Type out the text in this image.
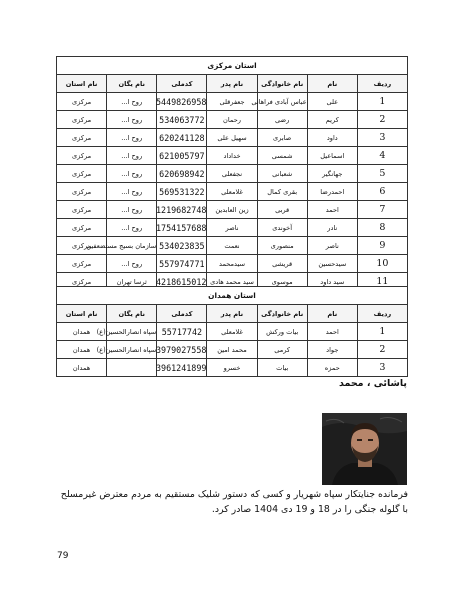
استان مرکزی						
ردیف	نام	نام خانوادگی	نام پدر	کدملی	نام یگان	نام استان
1	علی	عباس آبادی فراهانی	جعفرقلی	5449826958	روح ا...	مرکزی
2	کریم	رضی	رحمان	534063772	روح ا...	مرکزی
3	داود	صابری	سهیل علی	620241128	روح ا...	مرکزی
4	اسماعیل	شمسی	خداداد	621005797	روح ا...	مرکزی
5	جهانگیر	شعبانی	نجفعلی	620698942	روح ا...	مرکزی
6	احمدرضا	بقری کمال	غلامعلی	569531322	روح ا...	مرکزی
7	احمد	قربی	زین العابدین	1219682748	روح ا...	مرکزی
8	نادر	آخوندی	ناصر	1754157688	روح ا...	مرکزی
9	ناصر	منصوری	نعمت	534023835	سازمان بسیج مستضعفین	مرکزی
10	سیدحسین	قریشی	سیدمحمد	557974771	روح ا...	مرکزی
11	سید داود	موسوی	سید محمد هادی	4218615012	ثرسا تهران	مرکزی
استان همدان						
ردیف	نام	نام خانوادگی	نام پدر	کدملی	نام یگان	نام استان
1	احمد	بیات ورکش	غلامعلی	55717742	سپاه انصارالحسین(ع)	همدان
2	جواد	کرمی	محمد امین	3979027558	سپاه انصارالحسین(ع)	همدان
3	حمزه	بیات	خسرو	3961241899		همدان
پاشائی ، محمد
فرمانده جنایتکار سپاه شهریار و کسی که دستور شلیک مستقیم به مردم معترض غیرمسلح با گلوله جنگی را در 18 و 19 دی 1404 صادر کرد.
79
